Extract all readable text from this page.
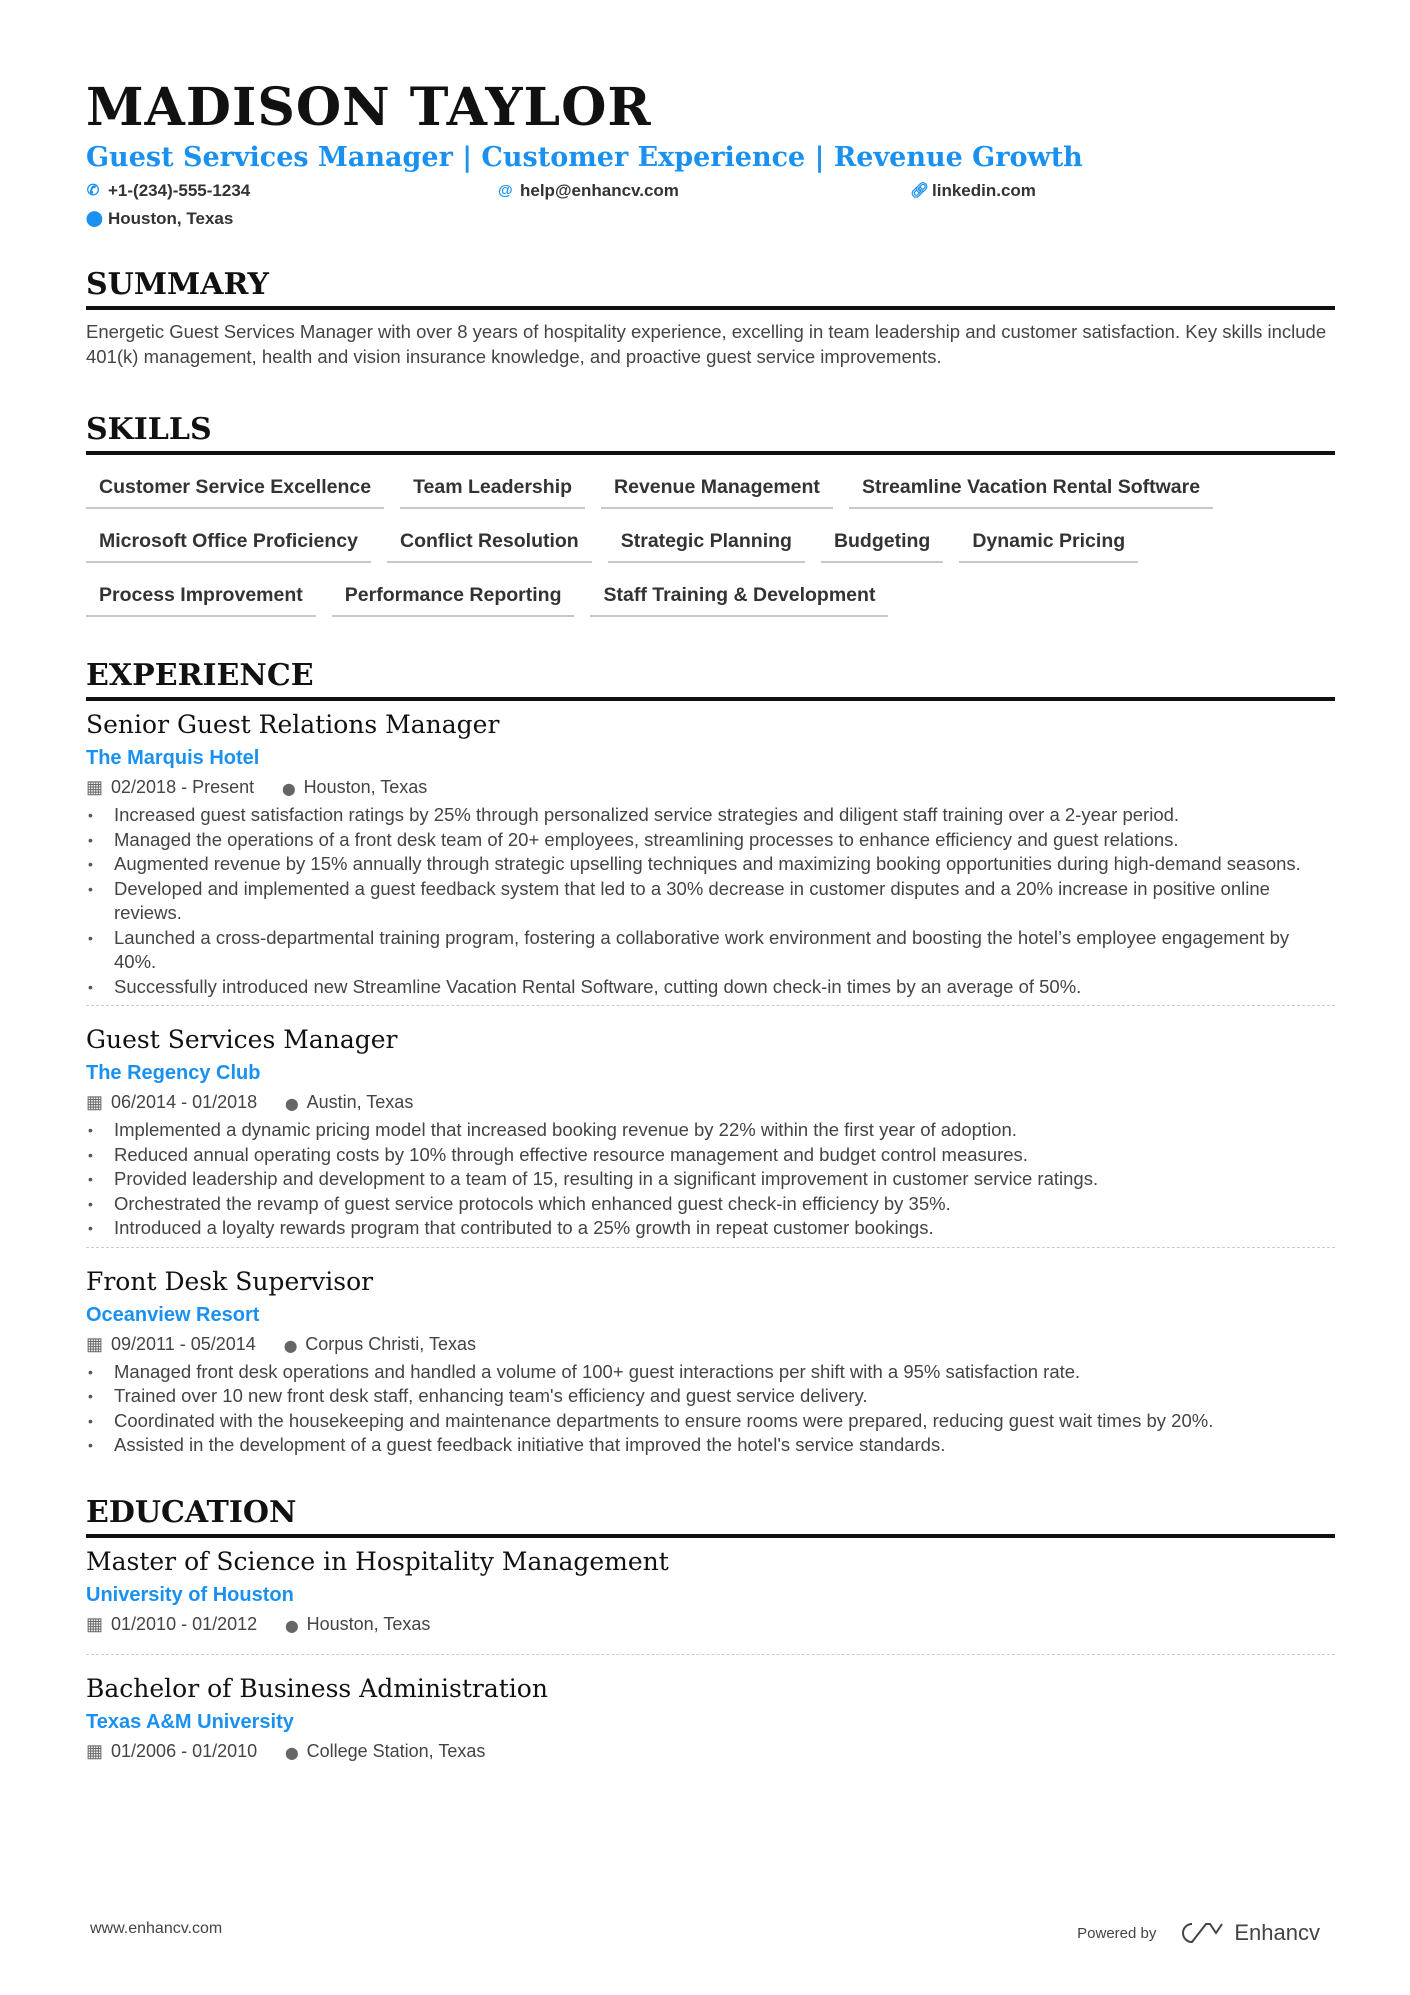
MADISON TAYLOR
Guest Services Manager | Customer Experience | Revenue Growth
✆ +1-(234)-555-1234	@ help@enhancv.com	🔗︎ linkedin.com
⬤ Houston, Texas
SUMMARY

Energetic Guest Services Manager with over 8 years of hospitality experience, excelling in team leadership and customer satisfaction. Key skills include 401(k) management, health and vision insurance knowledge, and proactive guest service improvements.

SKILLS
Customer Service Excellence	Team Leadership	Revenue Management	Streamline Vacation Rental Software
Microsoft Office Proficiency	Conflict Resolution	Strategic Planning	Budgeting	Dynamic Pricing
Process Improvement	Performance Reporting	Staff Training & Development
EXPERIENCE
Senior Guest Relations Manager
The Marquis Hotel
▦ 02/2018 - Present ⬤ Houston, Texas
• Increased guest satisfaction ratings by 25% through personalized service strategies and diligent staff training over a 2-year period.
• Managed the operations of a front desk team of 20+ employees, streamlining processes to enhance efficiency and guest relations.
• Augmented revenue by 15% annually through strategic upselling techniques and maximizing booking opportunities during high-demand seasons.
• Developed and implemented a guest feedback system that led to a 30% decrease in customer disputes and a 20% increase in positive online reviews.
• Launched a cross-departmental training program, fostering a collaborative work environment and boosting the hotel’s employee engagement by 40%.
• Successfully introduced new Streamline Vacation Rental Software, cutting down check-in times by an average of 50%.
Guest Services Manager
The Regency Club
▦ 06/2014 - 01/2018 ⬤ Austin, Texas
• Implemented a dynamic pricing model that increased booking revenue by 22% within the first year of adoption.
• Reduced annual operating costs by 10% through effective resource management and budget control measures.
• Provided leadership and development to a team of 15, resulting in a significant improvement in customer service ratings.
• Orchestrated the revamp of guest service protocols which enhanced guest check-in efficiency by 35%.
• Introduced a loyalty rewards program that contributed to a 25% growth in repeat customer bookings.
Front Desk Supervisor
Oceanview Resort
▦ 09/2011 - 05/2014 ⬤ Corpus Christi, Texas
• Managed front desk operations and handled a volume of 100+ guest interactions per shift with a 95% satisfaction rate.
• Trained over 10 new front desk staff, enhancing team's efficiency and guest service delivery.
• Coordinated with the housekeeping and maintenance departments to ensure rooms were prepared, reducing guest wait times by 20%.
• Assisted in the development of a guest feedback initiative that improved the hotel's service standards.
EDUCATION
Master of Science in Hospitality Management
University of Houston
▦ 01/2010 - 01/2012 ⬤ Houston, Texas
Bachelor of Business Administration
Texas A&M University
▦ 01/2006 - 01/2010 ⬤ College Station, Texas
www.enhancv.com	Powered by	Enhancv
